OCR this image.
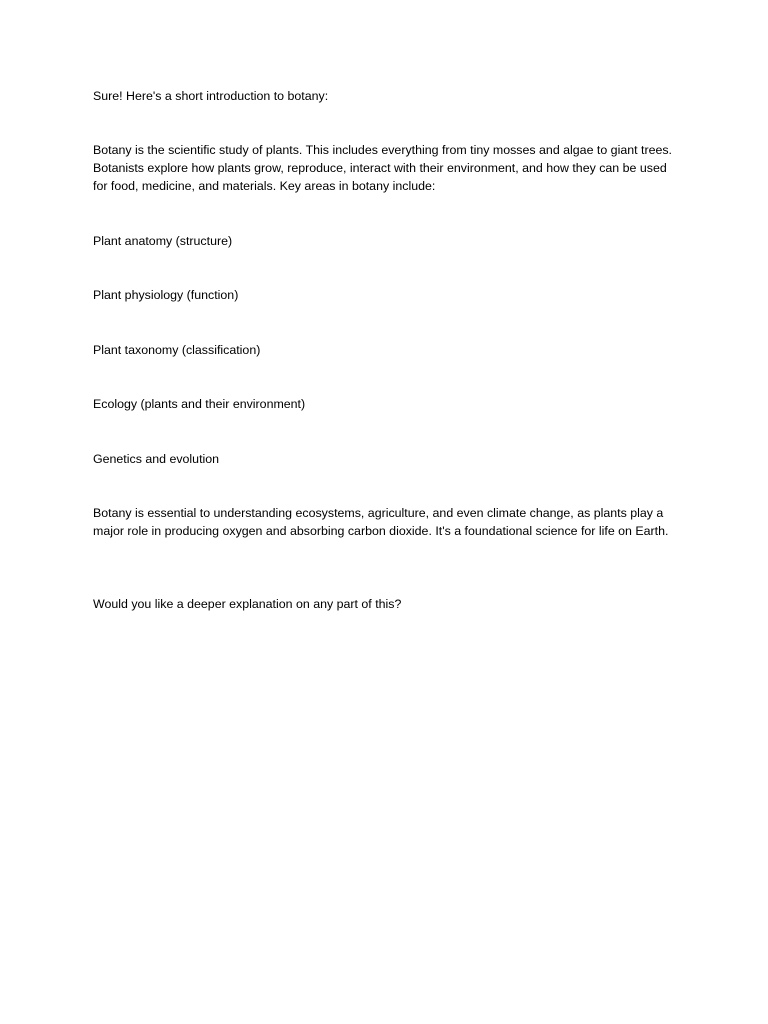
Sure! Here's a short introduction to botany:

Botany is the scientific study of plants. This includes everything from tiny mosses and algae to giant trees. Botanists explore how plants grow, reproduce, interact with their environment, and how they can be used for food, medicine, and materials. Key areas in botany include:

Plant anatomy (structure)

Plant physiology (function)

Plant taxonomy (classification)

Ecology (plants and their environment)

Genetics and evolution

Botany is essential to understanding ecosystems, agriculture, and even climate change, as plants play a major role in producing oxygen and absorbing carbon dioxide. It's a foundational science for life on Earth.

Would you like a deeper explanation on any part of this?
